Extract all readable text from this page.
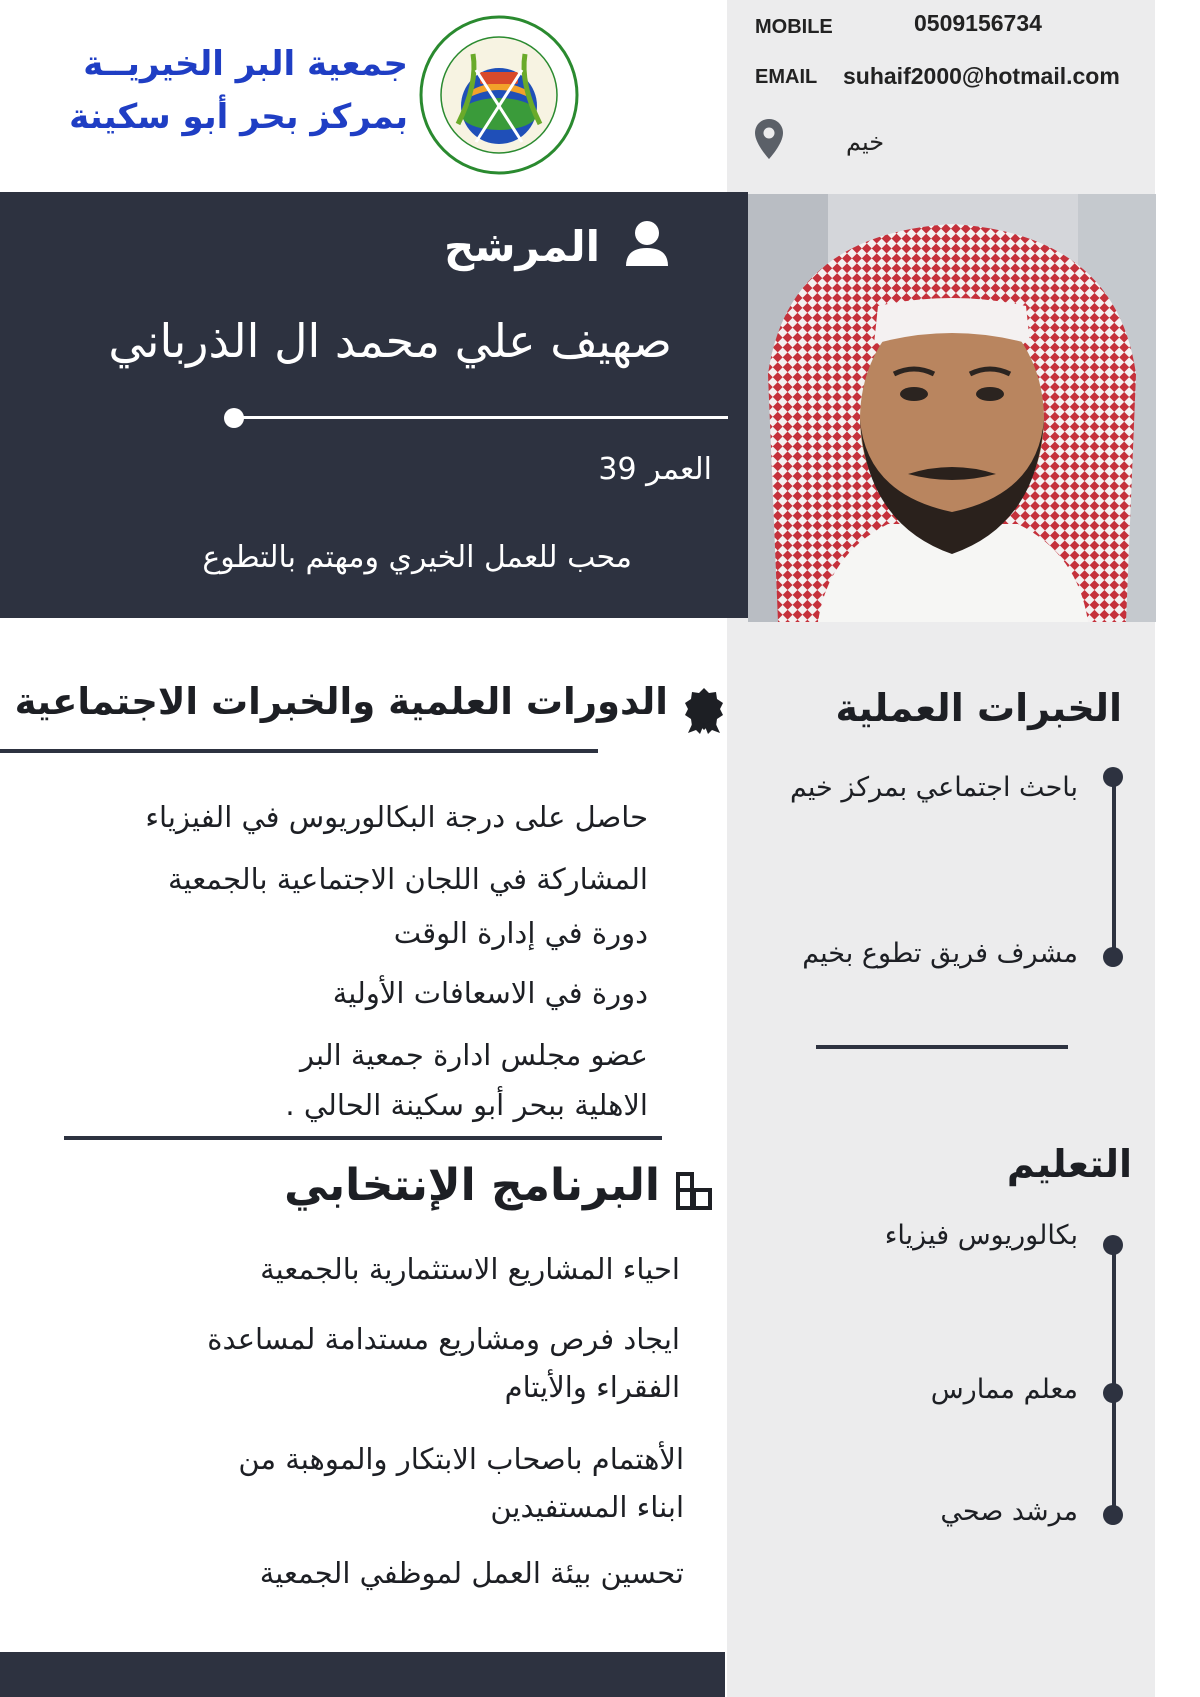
جمعية البر الخيريــة
بمركز بحر أبو سكينة
MOBILE	0509156734
EMAIL suhaif2000@hotmail.com
خيم
المرشح
صهيف علي محمد ال الذرباني
العمر 39
محب للعمل الخيري ومهتم بالتطوع
الدورات العلمية والخبرات الاجتماعية
حاصل على درجة البكالوريوس في الفيزياء
المشاركة في اللجان الاجتماعية بالجمعية
دورة في إدارة الوقت
دورة في الاسعافات الأولية
عضو مجلس ادارة جمعية البر
الاهلية ببحر أبو سكينة الحالي .
البرنامج الإنتخابي
احياء المشاريع الاستثمارية بالجمعية
ايجاد فرص ومشاريع مستدامة لمساعدة
الفقراء والأيتام
الأهتمام باصحاب الابتكار والموهبة من
ابناء المستفيدين
تحسين بيئة العمل لموظفي الجمعية
الخبرات العملية
باحث اجتماعي بمركز خيم
مشرف فريق تطوع بخيم
التعليم
بكالوريوس فيزياء
معلم ممارس
مرشد صحي
